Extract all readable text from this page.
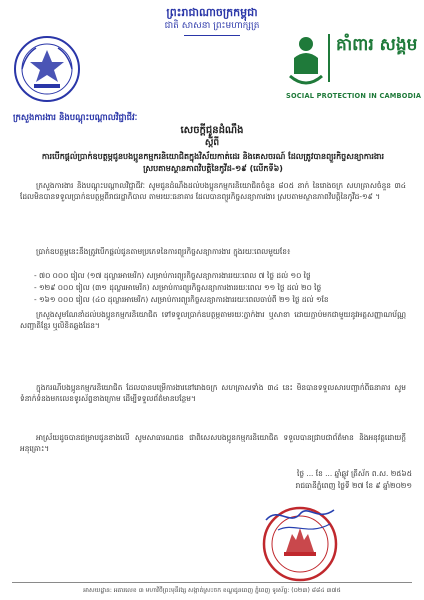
ព្រះរាជាណាចក្រកម្ពុជា
ជាតិ សាសនា ព្រះមហាក្សត្រ
គាំពារ សង្គម
SOCIAL PROTECTION IN CAMBODIA
ក្រសួងការងារ និងបណ្តុះបណ្តាលវិជ្ជាជីវៈ
សេចក្តីជូនដំណឹង
ស្តីពី
ការបើកផ្តល់ប្រាក់ឧបត្ថម្ភជូនបងប្អូនកម្មករនិយោជិតក្នុងវិស័យកាត់ដេរ និងគេសចរណ៍ ដែលត្រូវបានព្យួរកិច្ចសន្យាការងារស្របតាមស្ថានភាពវិបត្តិនៃកូវីដ-១៩ (លើកទី៦)
ក្រសួងការងារ និងបណ្តុះបណ្តាលវិជ្ជាជីវៈ សូមជូនដំណឹងដល់បងប្អូនកម្មករនិយោជិតចំនួន ៨០៥ នាក់ នៃរោងចក្រ សហគ្រាសចំនួន ៣៤ ដែលមិនបានទទួលប្រាក់ឧបត្ថម្ភពីរាជរដ្ឋាភិបាល តាមរយៈធនាគារ ដែលបានព្យួរកិច្ចសន្យាការងារ ស្របតាមស្ថានភាពវិបត្តិនៃកូវីដ-១៩ ។
ប្រាក់ឧបត្ថម្ភនេះនឹងត្រូវបើកផ្តល់ជូនតាមប្រភេទនៃការព្យួរកិច្ចសន្យាការងារ ក្នុងរយៈពេលមួយខែ៖
- ៧០ ០០០ រៀល (១៧ ដុល្លារអាមេរិក) សម្រាប់ការព្យួរកិច្ចសន្យាការងាររយៈពេល ៧ ថ្ងៃ ដល់ ១០ ថ្ងៃ
- ១២៩ ០០០ រៀល (៣១ ដុល្លារអាមេរិក) សម្រាប់ការព្យួរកិច្ចសន្យាការងាររយៈពេល ១១ ថ្ងៃ ដល់ ២០ ថ្ងៃ
- ១៦១ ០០០ រៀល (៤០ ដុល្លារអាមេរិក) សម្រាប់ការព្យួរកិច្ចសន្យាការងាររយៈពេលចាប់ពី ២១ ថ្ងៃ ដល់ ១ខែ
ក្រសួងសូមណែនាំដល់បងប្អូនកម្មករនិយោជិត ទៅទទួលប្រាក់ឧបត្ថម្ភតាមរយៈភ្នាក់ងារ ឬសាខា ដោយភ្ជាប់មកជាមួយនូវអត្តសញ្ញាណប័ណ្ណសញ្ជាតិខ្មែរ ឬលិខិតឆ្លងដែន។
ក្នុងករណីបងប្អូនកម្មករនិយោជិត ដែលបានបម្រើការងារនៅរោងចក្រ សហគ្រាសទាំង ៣៤ នេះ មិនបានទទួលសារបញ្ជាក់ពីធនាគារ សូមទំនាក់ទំនងមកលេខទូរស័ព្ទខាងក្រោម ដើម្បីទទួលព័ត៌មានបន្ថែម។
អាស្រ័យដូចបានជម្រាបជូនខាងលើ សូមសាធារណជន ជាពិសេសបងប្អូនកម្មករនិយោជិត ទទួលបានជ្រាបជាព័ត៌មាន និងអនុវត្តដោយក្តីអនុគ្រោះ។
ថ្ងៃ ... ខែ ... ឆ្នាំឆ្លូវ ត្រីស័ក ព.ស. ២៥៦៥
រាជធានីភ្នំពេញ ថ្ងៃទី ២៧ ខែ ៩ ឆ្នាំ២០២១
អាសយដ្ឋាន: អគារលេខ ៣ មហាវិថីព្រះមុនីវង្ស សង្កាត់ស្រះចក ខណ្ឌដូនពេញ ភ្នំពេញ ទូរស័ព្ទ: (០២៣) ៨៨៤ ៣៧៥
